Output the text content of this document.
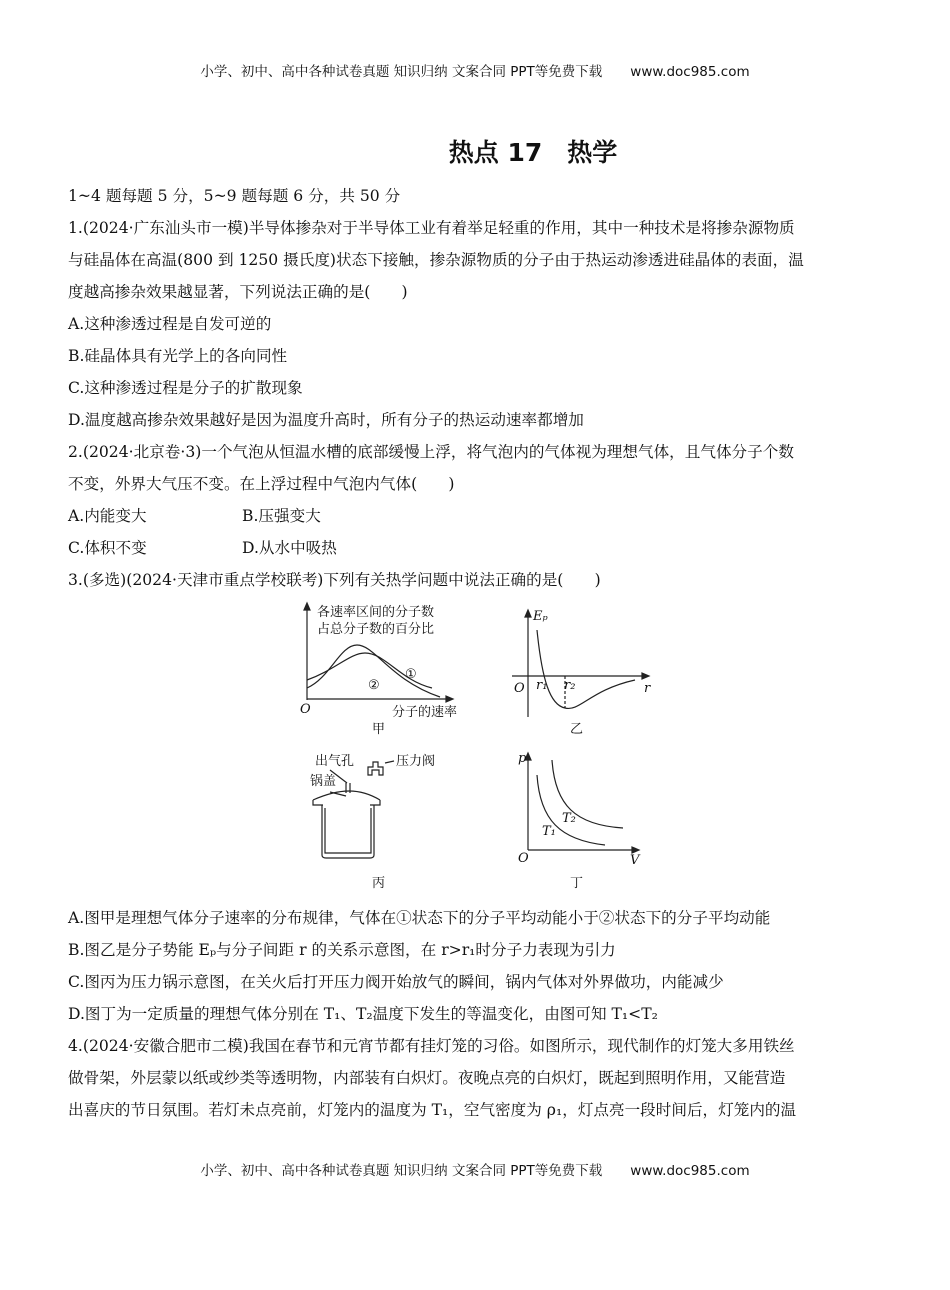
小学、初中、高中各种试卷真题 知识归纳 文案合同 PPT等免费下载 www.doc985.com
热点 17　热学
1~4 题每题 5 分，5~9 题每题 6 分，共 50 分
1.(2024·广东汕头市一模)半导体掺杂对于半导体工业有着举足轻重的作用，其中一种技术是将掺杂源物质
与硅晶体在高温(800 到 1250 摄氏度)状态下接触，掺杂源物质的分子由于热运动渗透进硅晶体的表面，温
度越高掺杂效果越显著，下列说法正确的是(　　)
A.这种渗透过程是自发可逆的
B.硅晶体具有光学上的各向同性
C.这种渗透过程是分子的扩散现象
D.温度越高掺杂效果越好是因为温度升高时，所有分子的热运动速率都增加
2.(2024·北京卷·3)一个气泡从恒温水槽的底部缓慢上浮，将气泡内的气体视为理想气体，且气体分子个数
不变，外界大气压不变。在上浮过程中气泡内气体(　　)
A.内能变大	B.压强变大
C.体积不变	D.从水中吸热
3.(多选)(2024·天津市重点学校联考)下列有关热学问题中说法正确的是(　　)
各速率区间的分子数
占总分子数的百分比
①
②
O	分子的速率
甲
Eₚ
r
O r₁ r₂
乙
出气孔
锅盖
压力阀
丙
p
V
O
T₁
T₂
丁
A.图甲是理想气体分子速率的分布规律，气体在①状态下的分子平均动能小于②状态下的分子平均动能
B.图乙是分子势能 Eₚ与分子间距 r 的关系示意图，在 r>r₁时分子力表现为引力
C.图丙为压力锅示意图，在关火后打开压力阀开始放气的瞬间，锅内气体对外界做功，内能减少
D.图丁为一定质量的理想气体分别在 T₁、T₂温度下发生的等温变化，由图可知 T₁<T₂
4.(2024·安徽合肥市二模)我国在春节和元宵节都有挂灯笼的习俗。如图所示，现代制作的灯笼大多用铁丝
做骨架，外层蒙以纸或纱类等透明物，内部装有白炽灯。夜晚点亮的白炽灯，既起到照明作用，又能营造
出喜庆的节日氛围。若灯未点亮前，灯笼内的温度为 T₁，空气密度为 ρ₁，灯点亮一段时间后，灯笼内的温
小学、初中、高中各种试卷真题 知识归纳 文案合同 PPT等免费下载 www.doc985.com
